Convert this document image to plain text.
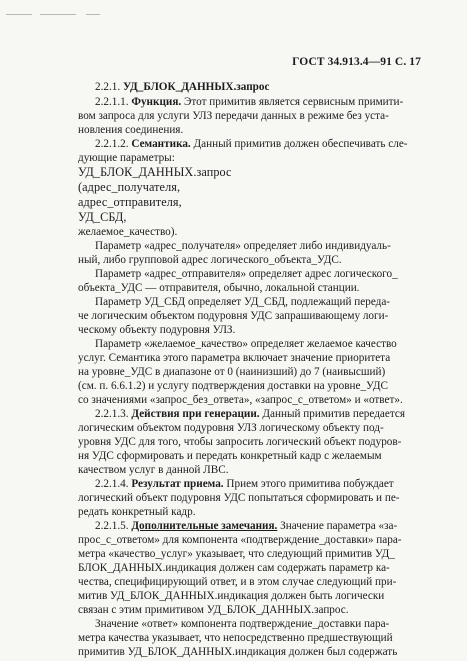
ГОСТ 34.913.4—91 С. 17
2.2.1. УД_БЛОК_ДАННЫХ.запрос
2.2.1.1. Функция. Этот примитив является сервисным примити-
вом запроса для услуги УЛЗ передачи данных в режиме без уста-
новления соединения.
2.2.1.2. Семантика. Данный примитив должен обеспечивать сле-
дующие параметры:
УД_БЛОК_ДАННЫХ.запрос
(адрес_получателя,
адрес_отправителя,
УД_СБД,
желаемое_качество).
Параметр «адрес_получателя» определяет либо индивидуаль-
ный, либо групповой адрес логического_объекта_УДС.
Параметр «адрес_отправителя» определяет адрес логического_
объекта_УДС — отправителя, обычно, локальной станции.
Параметр УД_СБД определяет УД_СБД, подлежащий переда-
че логическим объектом подуровня УДС запрашивающему логи-
ческому объекту подуровня УЛЗ.
Параметр «желаемое_качество» определяет желаемое качество
услуг. Семантика этого параметра включает значение приоритета
на уровне_УДС в диапазоне от 0 (наинизший) до 7 (наивысший)
(см. п. 6.6.1.2) и услугу подтверждения доставки на уровне_УДС
со значениями «запрос_без_ответа», «запрос_с_ответом» и «ответ».
2.2.1.3. Действия при генерации. Данный примитив передается
логическим объектом подуровня УЛЗ логическому объекту под-
уровня УДС для того, чтобы запросить логический объект подуров-
ня УДС сформировать и передать конкретный кадр с желаемым
качеством услуг в данной ЛВС.
2.2.1.4. Результат приема. Прием этого примитива побуждает
логический объект подуровня УДС попытаться сформировать и пе-
редать конкретный кадр.
2.2.1.5. Дополнительные замечания. Значение параметра «за-
прос_с_ответом» для компонента «подтверждение_доставки» пара-
метра «качество_услуг» указывает, что следующий примитив УД_
БЛОК_ДАННЫХ.индикация должен сам содержать параметр ка-
чества, специфицирующий ответ, и в этом случае следующий при-
митив УД_БЛОК_ДАННЫХ.индикация должен быть логически
связан с этим примитивом УД_БЛОК_ДАННЫХ.запрос.
Значение «ответ» компонента подтверждение_доставки пара-
метра качества указывает, что непосредственно предшествующий
примитив УД_БЛОК_ДАННЫХ.индикация должен был содержать
